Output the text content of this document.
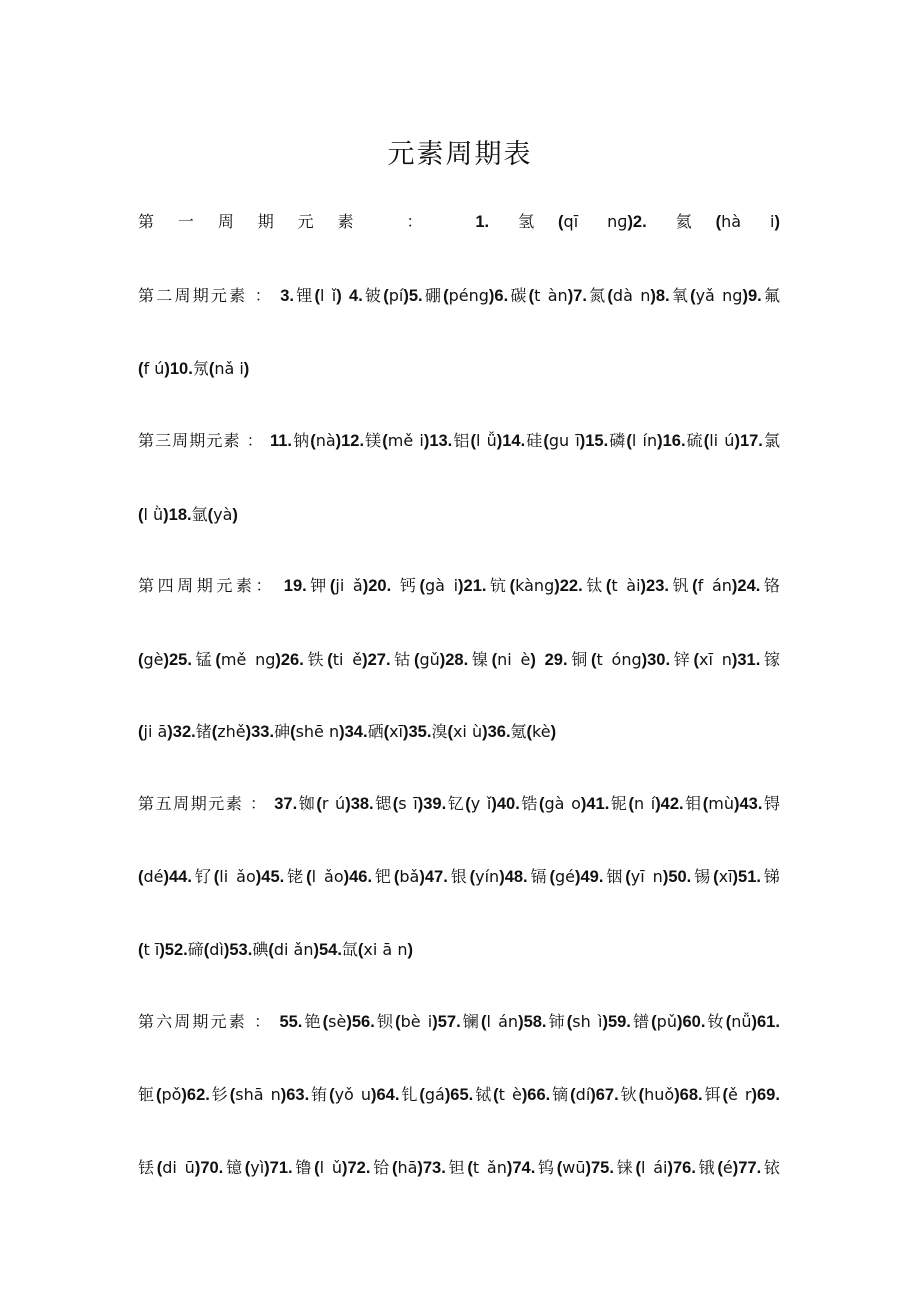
元素周期表
第一周期元素 ： 1. 氢(qī nɡ)2. 氦(hà i)
第二周期元素 ： 3.锂(l ǐ) 4.铍(pí)5.硼(péng)6.碳(t àn)7.氮(dà n)8.氧(yǎ ng)9.氟
(f ú)10.氖(nǎ i)
第三周期元素 ： 11.钠(nà)12.镁(mě i)13.铝(l ǚ)14.硅(gu ī)15.磷(l ín)16.硫(li ú)17.氯
(l ǜ)18.氩(yà)
第四周期元素： 19.钾(ji ǎ)20. 钙(gà i)21.钪(kàng)22.钛(t ài)23.钒(f án)24.铬
(gè)25.锰(mě ng)26.铁(ti ě)27.钴(gǔ)28.镍(ni è) 29.铜(t óng)30.锌(xī n)31.镓
(ji ā)32.锗(zhě)33.砷(shē n)34.硒(xī)35.溴(xi ù)36.氪(kè)
第五周期元素 ： 37.铷(r ú)38.锶(s ī)39.钇(y ǐ)40.锆(gà o)41.铌(n í)42.钼(mù)43.锝
(dé)44.钌(li ǎo)45.铑(l ǎo)46.钯(bǎ)47.银(yín)48.镉(gé)49.铟(yī n)50.锡(xī)51.锑
(t ī)52.碲(dì)53.碘(di ǎn)54.氙(xi ā n)
第六周期元素 ： 55.铯(sè)56.钡(bè i)57.镧(l án)58.铈(sh ì)59.镨(pǔ)60.钕(nǚ)61.
钷(pǒ)62.钐(shā n)63.铕(yǒ u)64.钆(gá)65.铽(t è)66.镝(dí)67.钬(huǒ)68.铒(ě r)69.
铥(di ū)70.镱(yì)71.镥(l ǔ)72.铪(hā)73.钽(t ǎn)74.钨(wū)75.铼(l ái)76.锇(é)77.铱
